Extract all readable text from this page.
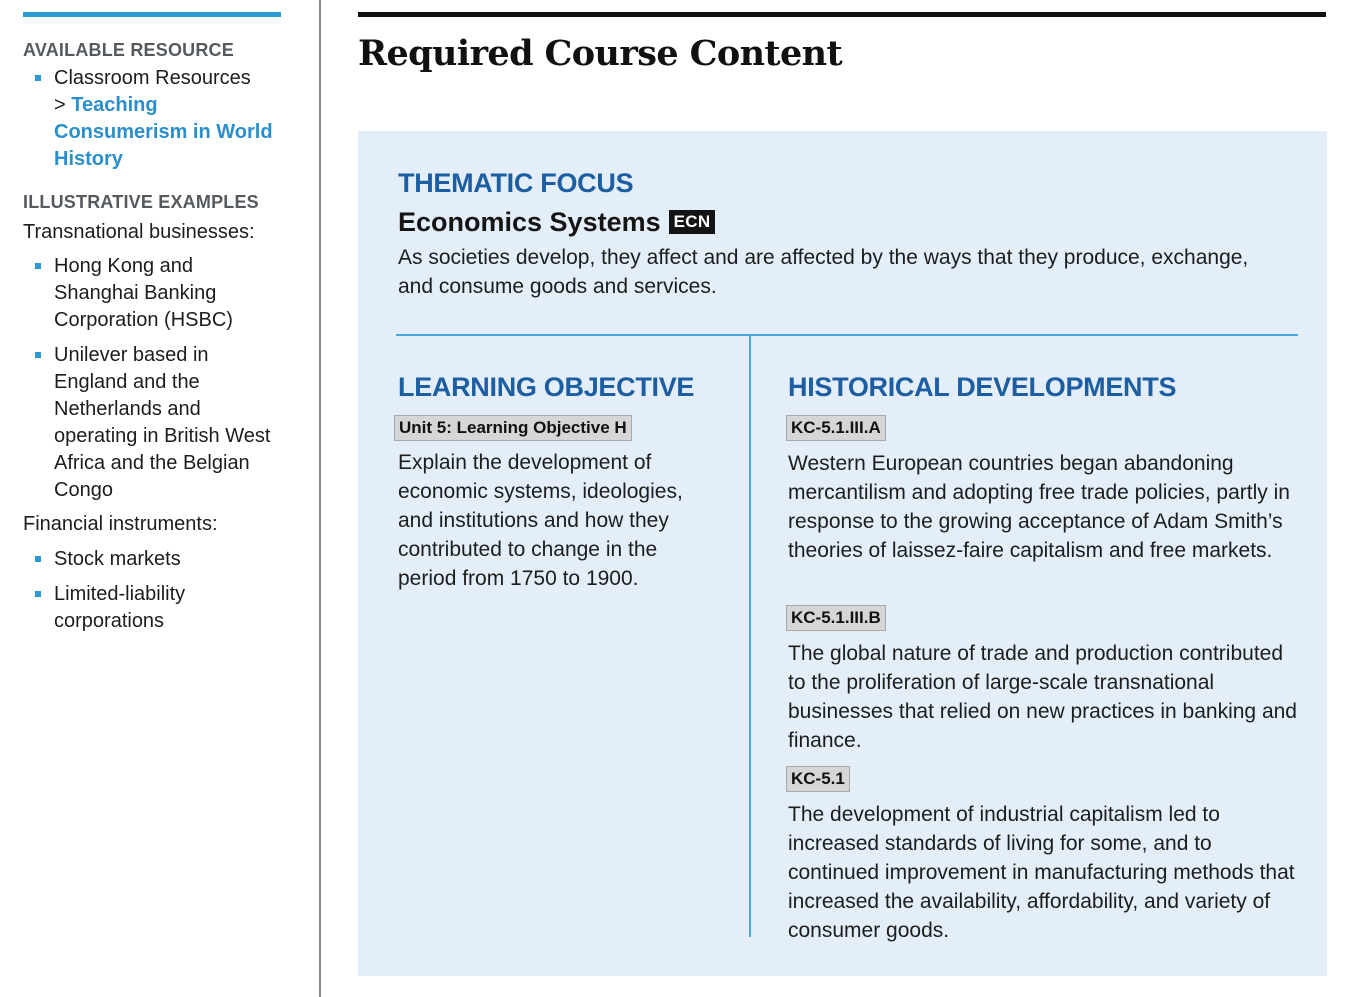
AVAILABLE RESOURCE
Classroom Resources
> Teaching Consumerism in World History
ILLUSTRATIVE EXAMPLES

Transnational businesses:

Hong Kong and Shanghai Banking Corporation (HSBC)
Unilever based in England and the Netherlands and operating in British West Africa and the Belgian Congo

Financial instruments:

Stock markets
Limited-liability corporations
Required Course Content
THEMATIC FOCUS
Economics Systems ECN

As societies develop, they affect and are affected by the ways that they produce, exchange, and consume goods and services.

LEARNING OBJECTIVE
Unit 5: Learning Objective H

Explain the development of economic systems, ideologies, and institutions and how they contributed to change in the period from 1750 to 1900.

HISTORICAL DEVELOPMENTS
KC-5.1.III.A

Western European countries began abandoning mercantilism and adopting free trade policies, partly in response to the growing acceptance of Adam Smith’s theories of laissez-faire capitalism and free markets.

KC-5.1.III.B

The global nature of trade and production contributed to the proliferation of large-scale transnational businesses that relied on new practices in banking and finance.

KC-5.1

The development of industrial capitalism led to increased standards of living for some, and to continued improvement in manufacturing methods that increased the availability, affordability, and variety of consumer goods.
